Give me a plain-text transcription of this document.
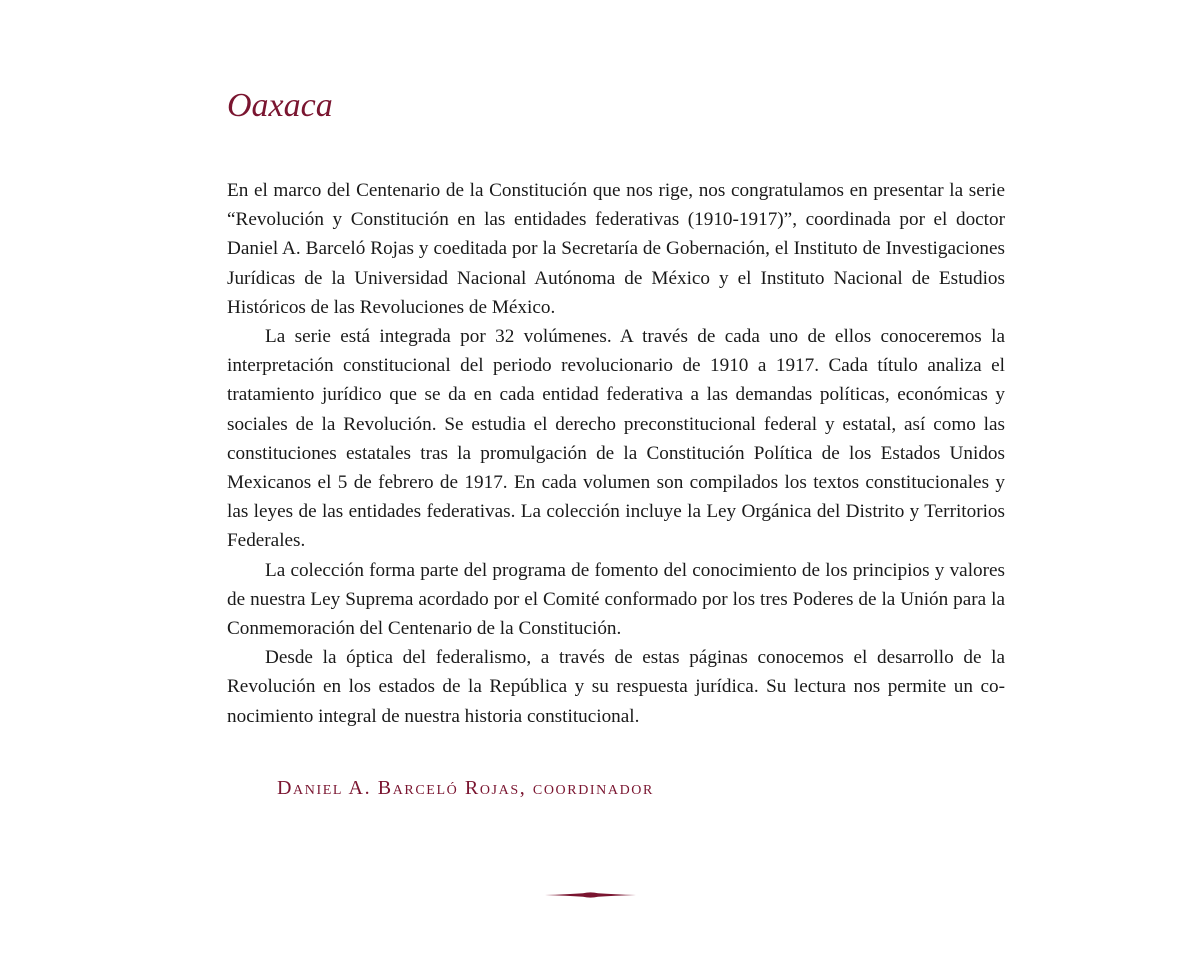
Oaxaca

En el marco del Centenario de la Constitución que nos rige, nos congratulamos en presentar la serie “Revolución y Constitución en las entidades federativas (1910-1917)”, coordinada por el doctor Daniel A. Barceló Rojas y coeditada por la Secretaría de Gobernación, el Instituto de Investigaciones Jurídicas de la Universidad Nacional Autónoma de México y el Instituto Nacional de Estudios Históricos de las Revoluciones de México.

La serie está integrada por 32 volúmenes. A través de cada uno de ellos conoceremos la interpretación constitucional del periodo revolucionario de 1910 a 1917. Cada título analiza el tratamiento jurídico que se da en cada entidad federativa a las demandas políticas, económicas y sociales de la Revolución. Se estudia el derecho preconstitucional federal y estatal, así como las constituciones estatales tras la promulgación de la Constitución Política de los Estados Unidos Mexicanos el 5 de febrero de 1917. En cada volumen son compilados los textos constitucionales y las leyes de las entidades federativas. La colección incluye la Ley Orgánica del Distrito y Territorios Federales.

La colección forma parte del programa de fomento del conocimiento de los principios y valores de nuestra Ley Suprema acordado por el Comité conformado por los tres Poderes de la Unión para la Conmemoración del Centenario de la Constitución.

Desde la óptica del federalismo, a través de estas páginas conocemos el desarrollo de la Revolución en los estados de la República y su respuesta jurídica. Su lectura nos permite un conocimiento integral de nuestra historia constitucional.

Daniel A. Barceló Rojas, coordinador
